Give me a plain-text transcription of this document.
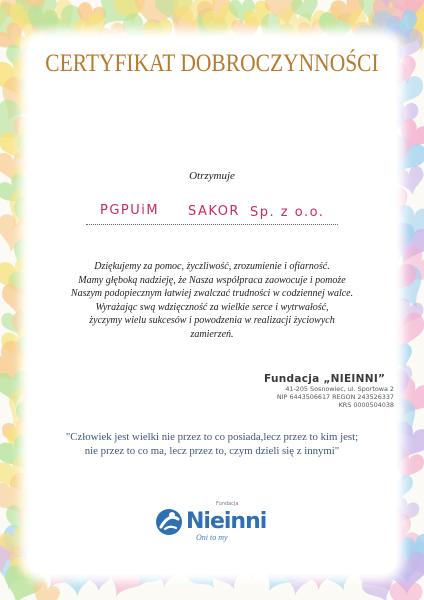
CERTYFIKAT DOBROCZYNNOŚCI
Otrzymuje
PGPUiM SAKOR Sp. z o.o.
Dziękujemy za pomoc, życzliwość, zrozumienie i ofiarność.
Mamy głęboką nadzieję, że Nasza współpraca zaowocuje i pomoże
Naszym podopiecznym łatwiej zwalczać trudności w codziennej walce.
Wyrażając swą wdzięczność za wielkie serce i wytrwałość,
życzymy wielu sukcesów i powodzenia w realizacji życiowych
zamierzeń.
Fundacja „NIEINNI”
41-205 Sosnowiec, ul. Sportowa 2
NIP 6443506617 REGON 243526337
KRS 0000504038
"Człowiek jest wielki nie przez to co posiada,lecz przez to kim jest;
nie przez to co ma, lecz przez to, czym dzieli się z innymi"
Fundacja
Nieinni
Oni to my
